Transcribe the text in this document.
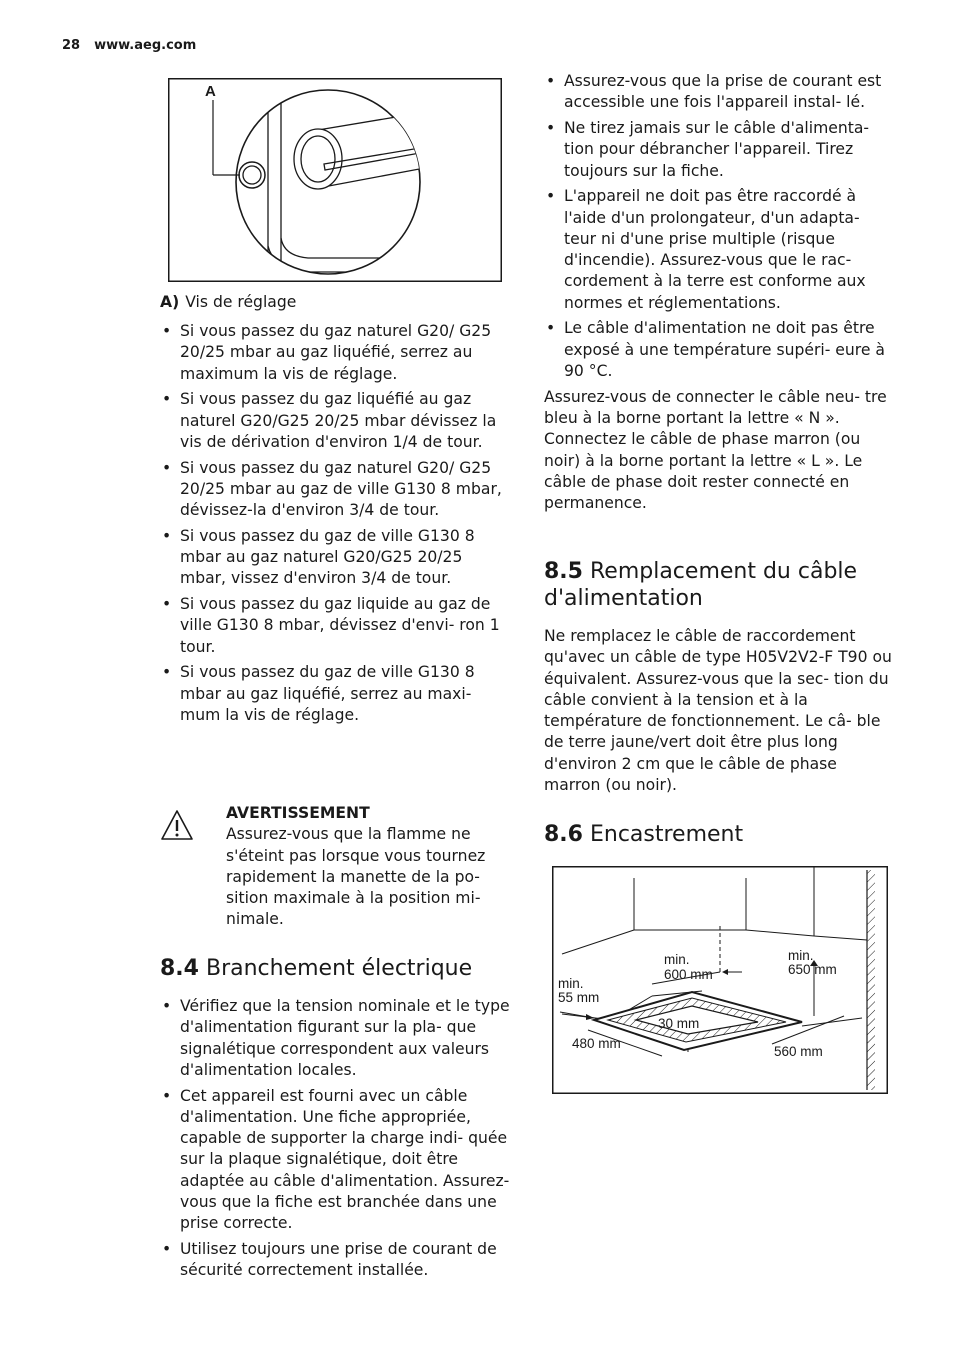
28 www.aeg.com
A
A) Vis de réglage
• Si vous passez du gaz naturel G20/ G25 20/25 mbar au gaz liquéfié, serrez au maximum la vis de réglage.
• Si vous passez du gaz liquéfié au gaz naturel G20/G25 20/25 mbar dévissez la vis de dérivation d'environ 1/4 de tour.
• Si vous passez du gaz naturel G20/ G25 20/25 mbar au gaz de ville G130 8 mbar, dévissez-la d'environ 3/4 de tour.
• Si vous passez du gaz de ville G130 8 mbar au gaz naturel G20/G25 20/25 mbar, vissez d'environ 3/4 de tour.
• Si vous passez du gaz liquide au gaz de ville G130 8 mbar, dévissez d'envi- ron 1 tour.
• Si vous passez du gaz de ville G130 8 mbar au gaz liquéfié, serrez au maxi- mum la vis de réglage.
AVERTISSEMENT
Assurez-vous que la flamme ne s'éteint pas lorsque vous tournez rapidement la manette de la po- sition maximale à la position mi- nimale.
8.4 Branchement électrique
• Vérifiez que la tension nominale et le type d'alimentation figurant sur la pla- que signalétique correspondent aux valeurs d'alimentation locales.
• Cet appareil est fourni avec un câble d'alimentation. Une fiche appropriée, capable de supporter la charge indi- quée sur la plaque signalétique, doit être adaptée au câble d'alimentation. Assurez-vous que la fiche est branchée dans une prise correcte.
• Utilisez toujours une prise de courant de sécurité correctement installée.
• Assurez-vous que la prise de courant est accessible une fois l'appareil instal- lé.
• Ne tirez jamais sur le câble d'alimenta- tion pour débrancher l'appareil. Tirez toujours sur la fiche.
• L'appareil ne doit pas être raccordé à l'aide d'un prolongateur, d'un adapta- teur ni d'une prise multiple (risque d'incendie). Assurez-vous que le rac- cordement à la terre est conforme aux normes et réglementations.
• Le câble d'alimentation ne doit pas être exposé à une température supéri- eure à 90 °C.

Assurez-vous de connecter le câble neu- tre bleu à la borne portant la lettre « N ». Connectez le câble de phase marron (ou noir) à la borne portant la lettre « L ». Le câble de phase doit rester connecté en permanence.

8.5 Remplacement du câble d'alimentation

Ne remplacez le câble de raccordement qu'avec un câble de type H05V2V2-F T90 ou équivalent. Assurez-vous que la sec- tion du câble convient à la tension et à la température de fonctionnement. Le câ- ble de terre jaune/vert doit être plus long d'environ 2 cm que le câble de phase marron (ou noir).

8.6 Encastrement
min.
600 mm
min.
650 mm
min.
55 mm
30 mm
480 mm
560 mm
